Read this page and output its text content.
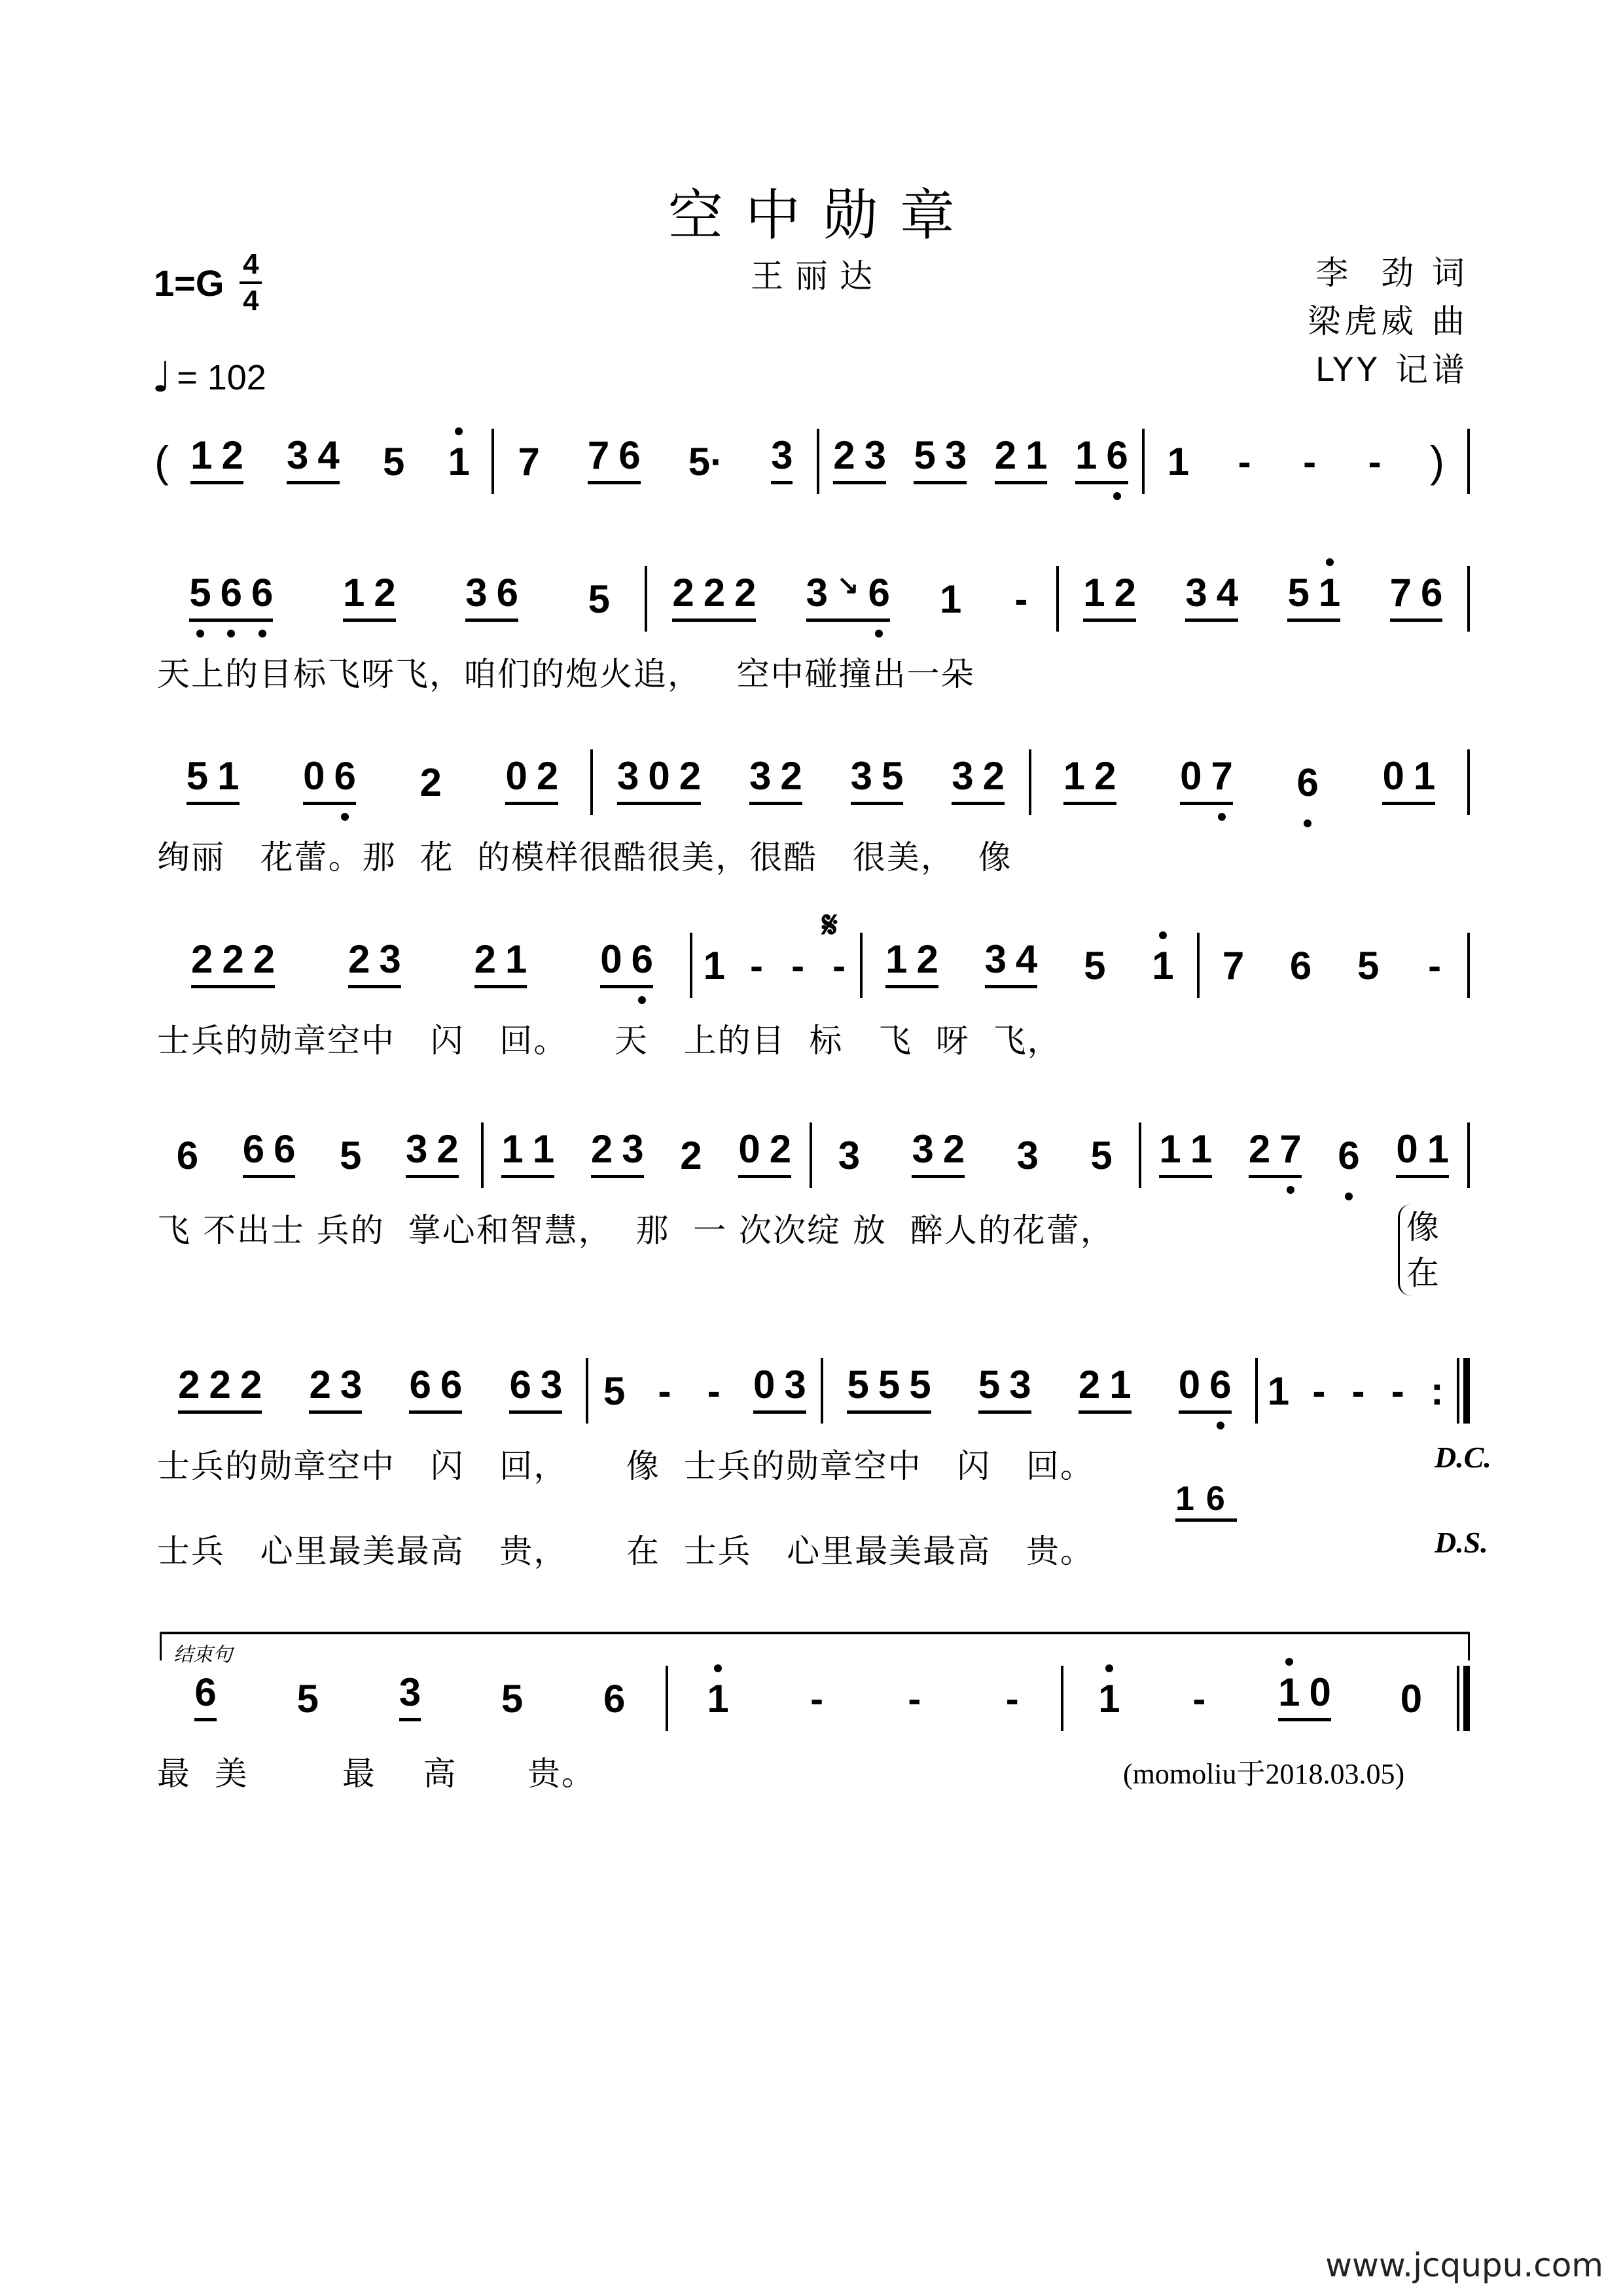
空中勋章
王丽达
1=G 4
4
♩ = 102
李  劲 词
梁虎威 曲
LYY 记谱
( 1 2 3 4 5 1 7 7 6 5· 3 2 3 5 3 2 1 1 6 1 - - - )
5 6 6 1 2 3 6 5 2 2 2 3 ↘ 6 1 - 1 2 3 4 5 1 7 6
天上的目标飞呀飞，咱们的炮火追，   空中碰撞出一朵
5 1 0 6 2 0 2 3 0 2 3 2 3 5 3 2 1 2 0 7 6 0 1
绚丽   花蕾。那  花  的模样很酷很美，很酷   很美，  像
𝄋
2 2 2 2 3 2 1 0 6 1 - - - 1 2 3 4 5 1 7 6 5 -
士兵的勋章空中   闪   回。    天   上的目  标   飞  呀  飞，
6 6 6 5 3 2 1 1 2 3 2 0 2 3 3 2 3 5 1 1 2 7 6 0 1
飞 不出士 兵的  掌心和智慧，  那  一 次次绽 放  醉人的花蕾，	像
在
2 2 2 2 3 6 6 6 3 5 - - 0 3 5 5 5 5 3 2 1 0 6 1 - - - :
士兵的勋章空中   闪   回，     像  士兵的勋章空中   闪   回。	D.C.
16
士兵   心里最美最高   贵，     在  士兵   心里最美最高   贵。	D.S.
结束句
6 5 3 5 6 1 - - - 1 - 1 0 0
最  美        最    高      贵。	(momoliu于2018.03.05)
www.jcqupu.com
